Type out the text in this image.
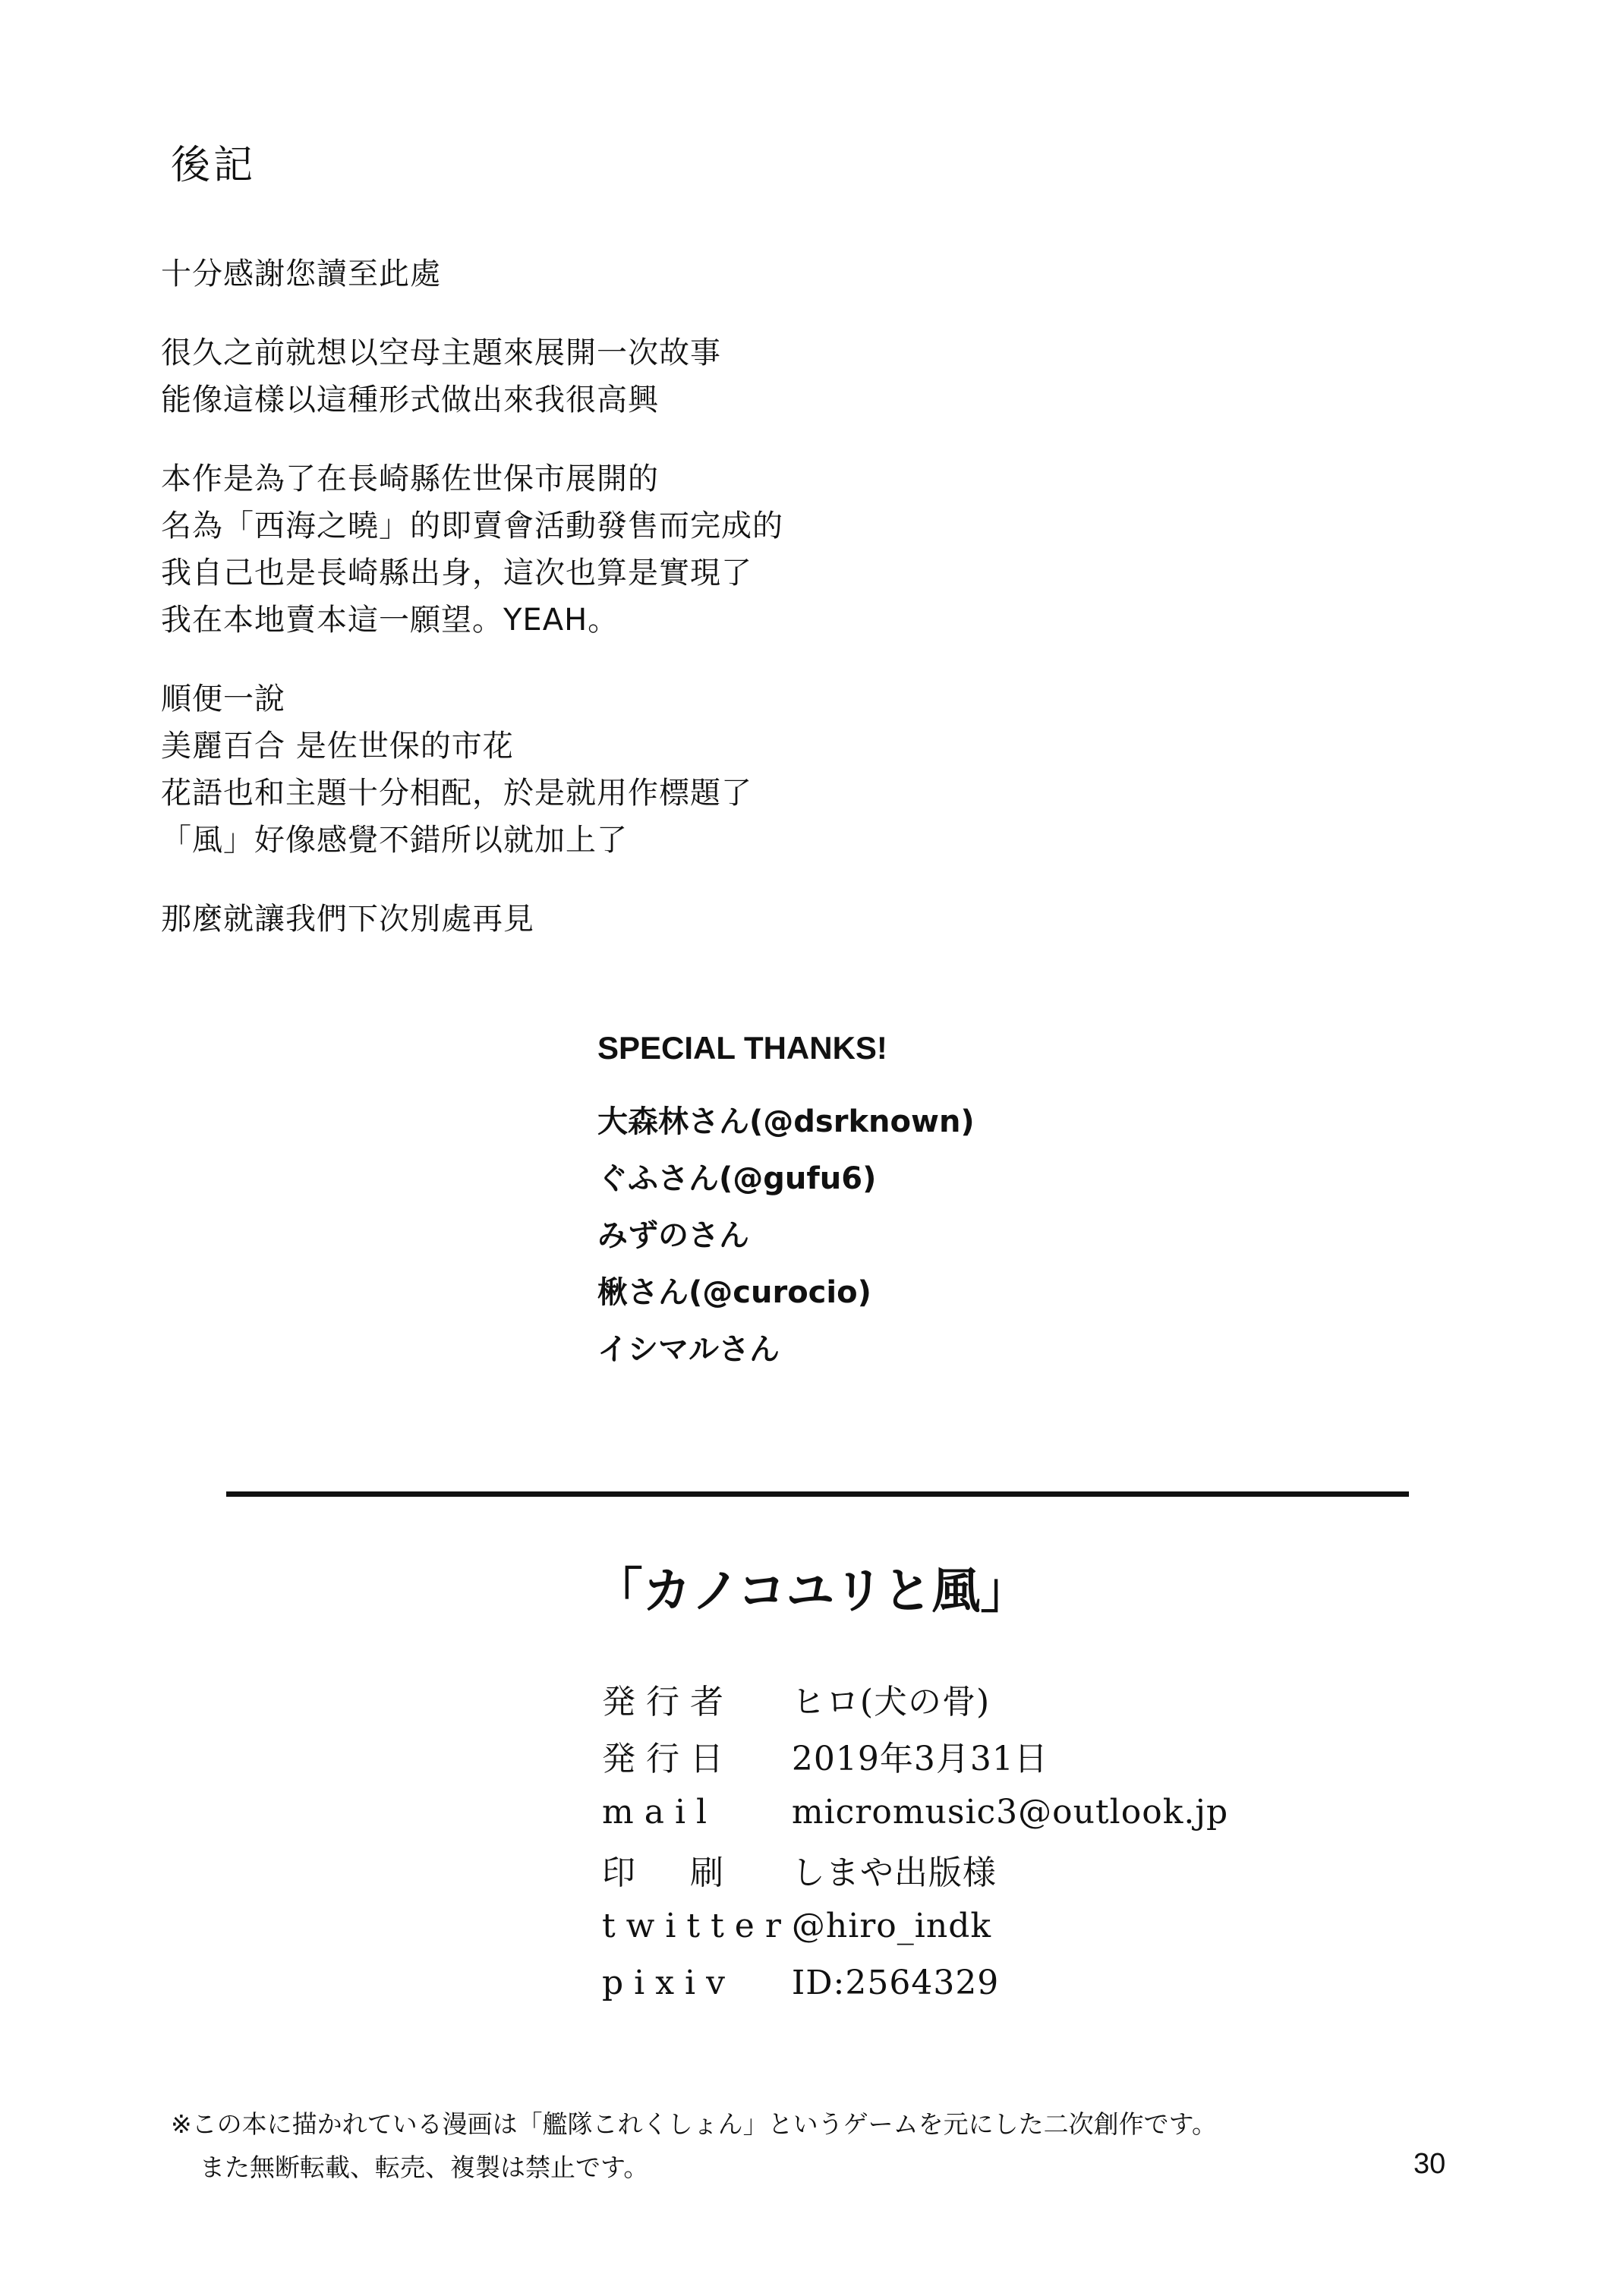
後記

十分感謝您讀至此處

很久之前就想以空母主題來展開一次故事
能像這樣以這種形式做出來我很高興

本作是為了在長崎縣佐世保市展開的
名為「西海之曉」的即賣會活動發售而完成的
我自己也是長崎縣出身，這次也算是實現了
我在本地賣本這一願望。YEAH。

順便一說
美麗百合 是佐世保的市花
花語也和主題十分相配，於是就用作標題了
「風」好像感覺不錯所以就加上了

那麼就讓我們下次別處再見

SPECIAL THANKS!
大森林さん(@dsrknown)
ぐふさん(@gufu6)
みずのさん
楸さん(@curocio)
イシマルさん
「カノコユリと風」
発行者	ヒロ(犬の骨)
発行日	2019年3月31日
mail	micromusic3@outlook.jp
印　刷	しまや出版様
twitter	@hiro_indk
pixiv	ID:2564329
※この本に描かれている漫画は「艦隊これくしょん」というゲームを元にした二次創作です。
また無断転載、転売、複製は禁止です。	30
